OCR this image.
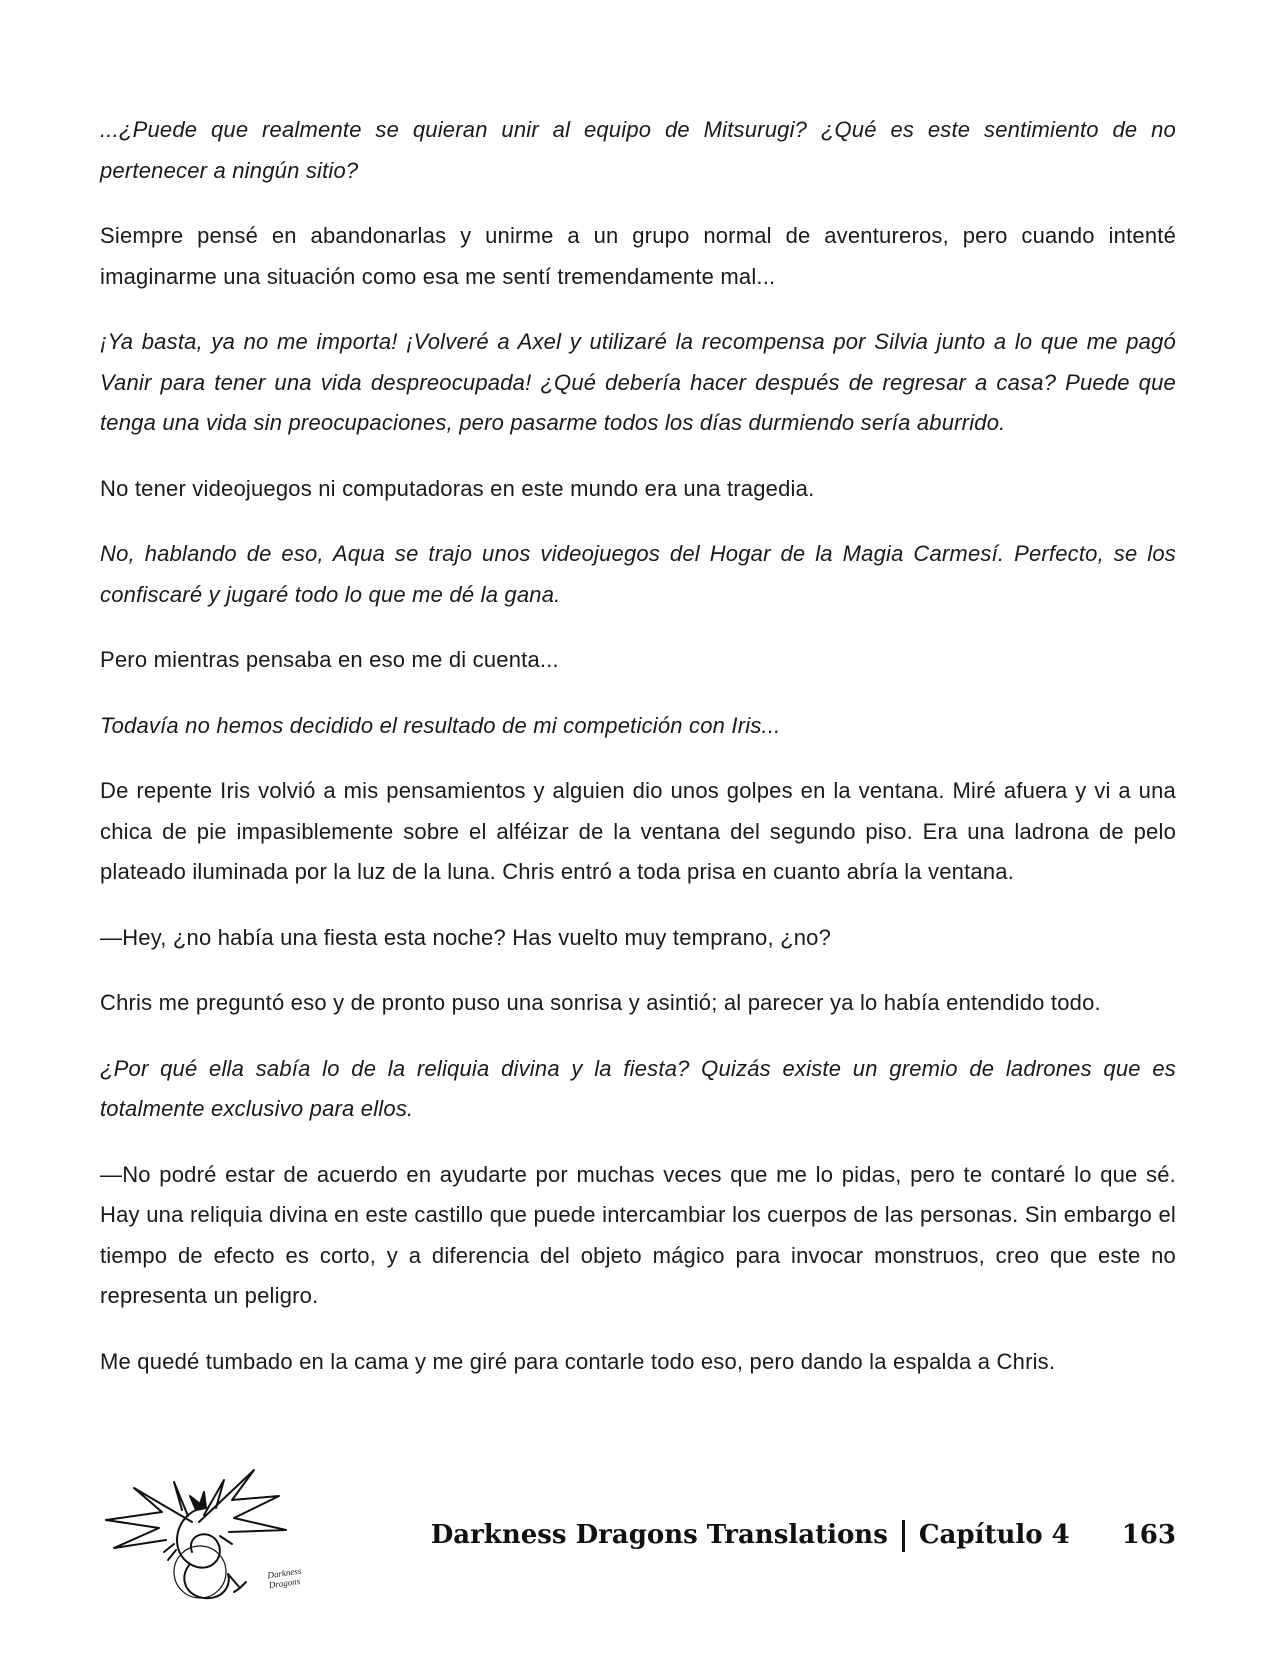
...¿Puede que realmente se quieran unir al equipo de Mitsurugi? ¿Qué es este sentimiento de no pertenecer a ningún sitio?

Siempre pensé en abandonarlas y unirme a un grupo normal de aventureros, pero cuando intenté imaginarme una situación como esa me sentí tremendamente mal...

¡Ya basta, ya no me importa! ¡Volveré a Axel y utilizaré la recompensa por Silvia junto a lo que me pagó Vanir para tener una vida despreocupada! ¿Qué debería hacer después de regresar a casa? Puede que tenga una vida sin preocupaciones, pero pasarme todos los días durmiendo sería aburrido.

No tener videojuegos ni computadoras en este mundo era una tragedia.

No, hablando de eso, Aqua se trajo unos videojuegos del Hogar de la Magia Carmesí. Perfecto, se los confiscaré y jugaré todo lo que me dé la gana.

Pero mientras pensaba en eso me di cuenta...

Todavía no hemos decidido el resultado de mi competición con Iris...

De repente Iris volvió a mis pensamientos y alguien dio unos golpes en la ventana. Miré afuera y vi a una chica de pie impasiblemente sobre el alféizar de la ventana del segundo piso. Era una ladrona de pelo plateado iluminada por la luz de la luna. Chris entró a toda prisa en cuanto abría la ventana.

—Hey, ¿no había una fiesta esta noche? Has vuelto muy temprano, ¿no?

Chris me preguntó eso y de pronto puso una sonrisa y asintió; al parecer ya lo había entendido todo.

¿Por qué ella sabía lo de la reliquia divina y la fiesta? Quizás existe un gremio de ladrones que es totalmente exclusivo para ellos.

—No podré estar de acuerdo en ayudarte por muchas veces que me lo pidas, pero te contaré lo que sé. Hay una reliquia divina en este castillo que puede intercambiar los cuerpos de las personas. Sin embargo el tiempo de efecto es corto, y a diferencia del objeto mágico para invocar monstruos, creo que este no representa un peligro.

Me quedé tumbado en la cama y me giré para contarle todo eso, pero dando la espalda a Chris.

Darkness Dragons
Darkness Dragons Translations Capítulo 4 163
